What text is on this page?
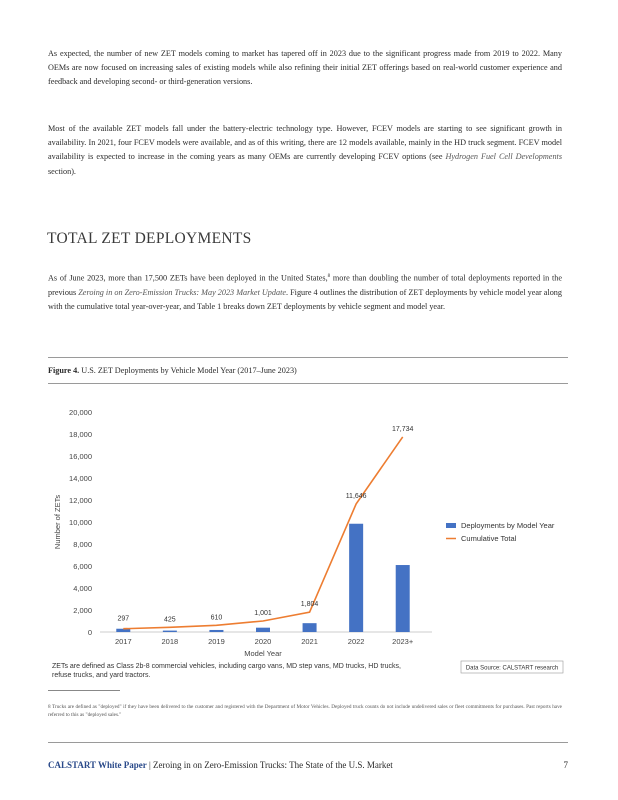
As expected, the number of new ZET models coming to market has tapered off in 2023 due to the significant progress made from 2019 to 2022. Many OEMs are now focused on increasing sales of existing models while also refining their initial ZET offerings based on real-world customer experience and feedback and developing second- or third-generation versions.
Most of the available ZET models fall under the battery-electric technology type. However, FCEV models are starting to see significant growth in availability. In 2021, four FCEV models were available, and as of this writing, there are 12 models available, mainly in the HD truck segment. FCEV model availability is expected to increase in the coming years as many OEMs are currently developing FCEV options (see Hydrogen Fuel Cell Developments section).
TOTAL ZET DEPLOYMENTS
As of June 2023, more than 17,500 ZETs have been deployed in the United States,$^8$ more than doubling the number of total deployments reported in the previous Zeroing in on Zero-Emission Trucks: May 2023 Market Update. Figure 4 outlines the distribution of ZET deployments by vehicle model year along with the cumulative total year-over-year, and Table 1 breaks down ZET deployments by vehicle segment and model year.
Figure 4. U.S. ZET Deployments by Vehicle Model Year (2017–June 2023)
0
2,000
4,000
6,000
8,000
10,000
12,000
14,000
16,000
18,000
20,000
2017	2018	2019	2020	2021	2022	2023+
297	425	610
1,001
1,804
11,646
17,734
Model Year
Number of ZETs	Deployments by Model Year
Cumulative Total
ZETs are defined as Class 2b-8 commercial vehicles, including cargo vans, MD step vans, MD trucks, HD trucks, refuse trucks, and yard tractors.
Data Source: CALSTART research
8 Trucks are defined as "deployed" if they have been delivered to the customer and registered with the Department of Motor Vehicles. Deployed truck counts do not include undelivered sales or fleet commitments for purchases. Past reports have referred to this as "deployed sales."
CALSTART White Paper | Zeroing in on Zero-Emission Trucks: The State of the U.S. Market	7
